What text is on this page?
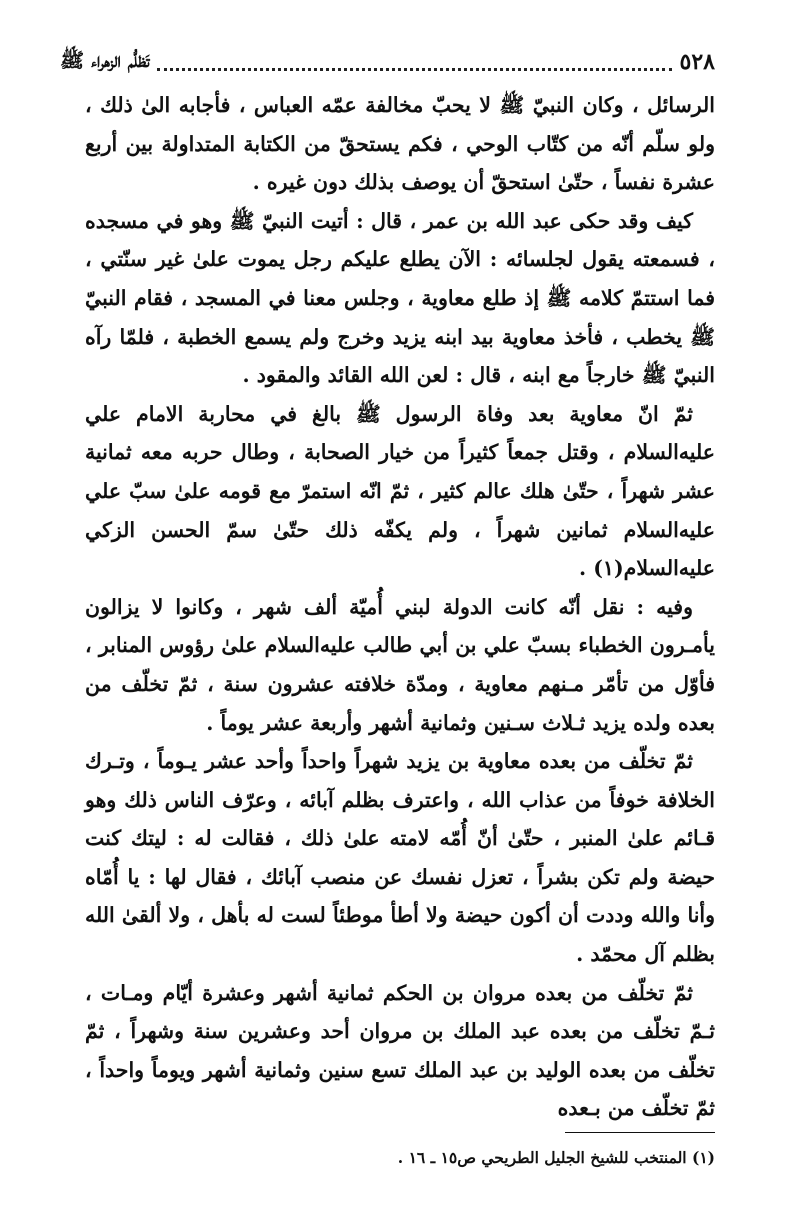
٥٢٨
تَظلُّم الزهراء ﷺ

الرسائل ، وكان النبيّ ﷺ لا يحبّ مخالفة عمّه العباس ، فأجابه الىٰ ذلك ، ولو سلّم أنّه من كتّاب الوحي ، فكم يستحقّ من الكتابة المتداولة بين أربع عشرة نفساً ، حتّىٰ استحقّ أن يوصف بذلك دون غيره .

كيف وقد حكى عبد الله بن عمر ، قال : أتيت النبيّ ﷺ وهو في مسجده ، فسمعته يقول لجلسائه : الآن يطلع عليكم رجل يموت علىٰ غير سنّتي ، فما استتمّ كلامه ﷺ إذ طلع معاوية ، وجلس معنا في المسجد ، فقام النبيّ ﷺ يخطب ، فأخذ معاوية بيد ابنه يزيد وخرج ولم يسمع الخطبة ، فلمّا رآه النبيّ ﷺ خارجاً مع ابنه ، قال : لعن الله القائد والمقود .

ثمّ انّ معاوية بعد وفاة الرسول ﷺ بالغ في محاربة الامام علي عليه‌السلام ، وقتل جمعاً كثيراً من خيار الصحابة ، وطال حربه معه ثمانية عشر شهراً ، حتّىٰ هلك عالم كثير ، ثمّ انّه استمرّ مع قومه علىٰ سبّ علي عليه‌السلام ثمانين شهراً ، ولم يكفّه ذلك حتّىٰ سمّ الحسن الزكي عليه‌السلام(١) .

وفيه : نقل أنّه كانت الدولة لبني أُميّة ألف شهر ، وكانوا لا يزالون يأمـرون الخطباء بسبّ علي بن أبي طالب عليه‌السلام علىٰ رؤوس المنابر ، فأوّل من تأمّر مـنهم معاوية ، ومدّة خلافته عشرون سنة ، ثمّ تخلّف من بعده ولده يزيد ثـلاث سـنين وثمانية أشهر وأربعة عشر يوماً .

ثمّ تخلّف من بعده معاوية بن يزيد شهراً واحداً وأحد عشر يـوماً ، وتـرك الخلافة خوفاً من عذاب الله ، واعترف بظلم آبائه ، وعرّف الناس ذلك وهو قـائم علىٰ المنبر ، حتّىٰ أنّ أُمّه لامته علىٰ ذلك ، فقالت له : ليتك كنت حيضة ولم تكن بشراً ، تعزل نفسك عن منصب آبائك ، فقال لها : يا أُمّاه وأنا والله وددت أن أكون حيضة ولا أطأ موطئاً لست له بأهل ، ولا ألقىٰ الله بظلم آل محمّد .

ثمّ تخلّف من بعده مروان بن الحكم ثمانية أشهر وعشرة أيّام ومـات ، ثـمّ تخلّف من بعده عبد الملك بن مروان أحد وعشرين سنة وشهراً ، ثمّ تخلّف من بعده الوليد بن عبد الملك تسع سنين وثمانية أشهر ويوماً واحداً ، ثمّ تخلّف من بـعده

(١) المنتخب للشيخ الجليل الطريحي ص١٥ ـ ١٦ .
